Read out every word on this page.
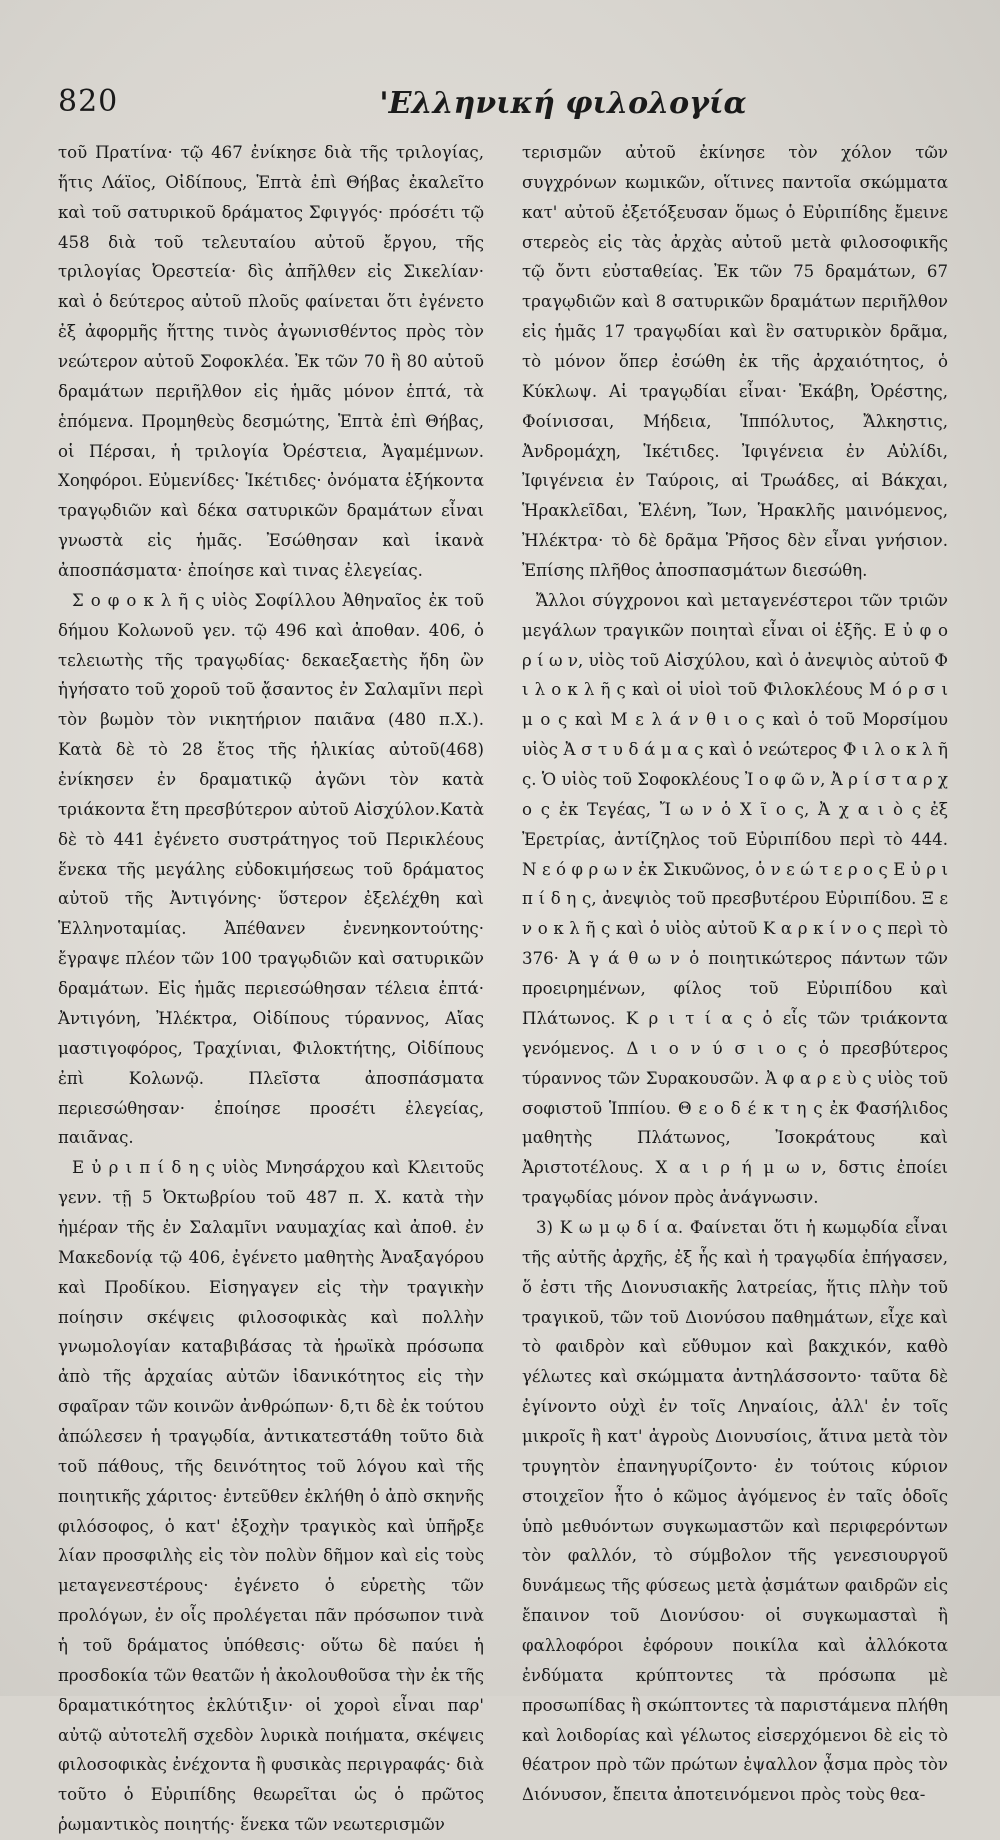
820	'Ελληνική φιλολογία

τοῦ Πρατίνα· τῷ 467 ἐνίκησε διὰ τῆς τριλογίας, ἥτις Λάϊος, Οἰδίπους, Ἑπτὰ ἐπὶ Θήβας ἐκαλεῖτο καὶ τοῦ σατυρικοῦ δράματος Σφιγγός· πρόσέτι τῷ 458 διὰ τοῦ τελευταίου αὐτοῦ ἔργου, τῆς τριλογίας Ὀρεστεία· δὶς ἀπῆλθεν εἰς Σικελίαν· καὶ ὁ δεύτερος αὐτοῦ πλοῦς φαίνεται ὅτι ἐγένετο ἐξ ἀφορμῆς ἥττης τινὸς ἀγωνισθέντος πρὸς τὸν νεώτερον αὐτοῦ Σοφοκλέα. Ἐκ τῶν 70 ἢ 80 αὐτοῦ δραμάτων περιῆλθον εἰς ἡμᾶς μόνον ἑπτά, τὰ ἑπόμενα. Προμηθεὺς δεσμώτης, Ἑπτὰ ἐπὶ Θήβας, οἱ Πέρσαι, ἡ τριλογία Ὀρέστεια, Ἀγαμέμνων. Χοηφόροι. Εὐμενίδες· Ἱκέτιδες· ὀνόματα ἑξήκοντα τραγῳδιῶν καὶ δέκα σατυρικῶν δραμάτων εἶναι γνωστὰ εἰς ἡμᾶς. Ἐσώθησαν καὶ ἱκανὰ ἀποσπάσματα· ἐποίησε καὶ τινας ἐλεγείας.

Σ ο φ ο κ λ ῆ ς υἱὸς Σοφίλλου Ἀθηναῖος ἐκ τοῦ δήμου Κολωνοῦ γεν. τῷ 496 καὶ ἀποθαν. 406, ὁ τελειωτὴς τῆς τραγῳδίας· δεκαεξαετὴς ἤδη ὢν ἡγήσατο τοῦ χοροῦ τοῦ ᾄσαντος ἐν Σαλαμῖνι περὶ τὸν βωμὸν τὸν νικητήριον παιᾶνα (480 π.Χ.). Κατὰ δὲ τὸ 28 ἔτος τῆς ἡλικίας αὐτοῦ(468) ἐνίκησεν ἐν δραματικῷ ἀγῶνι τὸν κατὰ τριάκοντα ἔτη πρεσβύτερον αὐτοῦ Αἰσχύλον.Κατὰ δὲ τὸ 441 ἐγένετο συστράτηγος τοῦ Περικλέους ἕνεκα τῆς μεγάλης εὐδοκιμήσεως τοῦ δράματος αὐτοῦ τῆς Ἀντιγόνης· ὕστερον ἐξελέχθη καὶ Ἑλληνοταμίας. Ἀπέθανεν ἐνενηκοντούτης· ἔγραψε πλέον τῶν 100 τραγῳδιῶν καὶ σατυρικῶν δραμάτων. Εἰς ἡμᾶς περιεσώθησαν τέλεια ἑπτά· Ἀντιγόνη, Ἠλέκτρα, Οἰδίπους τύραννος, Αἴας μαστιγοφόρος, Τραχίνιαι, Φιλοκτήτης, Οἰδίπους ἐπὶ Κολωνῷ. Πλεῖστα ἀποσπάσματα περιεσώθησαν· ἐποίησε προσέτι ἐλεγείας, παιᾶνας.

Ε ὐ ρ ι π ί δ η ς υἱὸς Μνησάρχου καὶ Κλειτοῦς γενν. τῇ 5 Ὀκτωβρίου τοῦ 487 π. Χ. κατὰ τὴν ἡμέραν τῆς ἐν Σαλαμῖνι ναυμαχίας καὶ ἀποθ. ἐν Μακεδονίᾳ τῷ 406, ἐγένετο μαθητὴς Ἀναξαγόρου καὶ Προδίκου. Εἰσηγαγεν εἰς τὴν τραγικὴν ποίησιν σκέψεις φιλοσοφικὰς καὶ πολλὴν γνωμολογίαν καταβιβάσας τὰ ἡρωϊκὰ πρόσωπα ἀπὸ τῆς ἀρχαίας αὐτῶν ἰδανικότητος εἰς τὴν σφαῖραν τῶν κοινῶν ἀνθρώπων· δ,τι δὲ ἐκ τούτου ἀπώλεσεν ἡ τραγῳδία, ἀντικατεστάθη τοῦτο διὰ τοῦ πάθους, τῆς δεινότητος τοῦ λόγου καὶ τῆς ποιητικῆς χάριτος· ἐντεῦθεν ἐκλήθη ὁ ἀπὸ σκηνῆς φιλόσοφος, ὁ κατ' ἐξοχὴν τραγικὸς καὶ ὑπῆρξε λίαν προσφιλὴς εἰς τὸν πολὺν δῆμον καὶ εἰς τοὺς μεταγενεστέρους· ἐγένετο ὁ εὑρετὴς τῶν προλόγων, ἐν οἷς προλέγεται πᾶν πρόσωπον τινὰ ἡ τοῦ δράματος ὑπόθεσις· οὕτω δὲ παύει ἡ προσδοκία τῶν θεατῶν ἡ ἀκολουθοῦσα τὴν ἐκ τῆς δραματικότητος ἐκλύτιξιν· οἱ χοροὶ εἶναι παρ' αὐτῷ αὐτοτελῆ σχεδὸν λυρικὰ ποιήματα, σκέψεις φιλοσοφικὰς ἐνέχοντα ἢ φυσικὰς περιγραφάς· διὰ τοῦτο ὁ Εὐριπίδης θεωρεῖται ὡς ὁ πρῶτος ῥωμαντικὸς ποιητής· ἕνεκα τῶν νεωτερισμῶν

τερισμῶν αὐτοῦ ἐκίνησε τὸν χόλον τῶν συγχρόνων κωμικῶν, οἵτινες παντοῖα σκώμματα κατ' αὐτοῦ ἐξετόξευσαν ὅμως ὁ Εὐριπίδης ἔμεινε στερεὸς εἰς τὰς ἀρχὰς αὐτοῦ μετὰ φιλοσοφικῆς τῷ ὄντι εὐσταθείας. Ἐκ τῶν 75 δραμάτων, 67 τραγῳδιῶν καὶ 8 σατυρικῶν δραμάτων περιῆλθον εἰς ἡμᾶς 17 τραγῳδίαι καὶ ἓν σατυρικὸν δρᾶμα, τὸ μόνον ὅπερ ἐσώθη ἐκ τῆς ἀρχαιότητος, ὁ Κύκλωψ. Αἱ τραγῳδίαι εἶναι· Ἑκάβη, Ὀρέστης, Φοίνισσαι, Μήδεια, Ἱππόλυτος, Ἄλκηστις, Ἀνδρομάχη, Ἱκέτιδες. Ἰφιγένεια ἐν Αὐλίδι, Ἰφιγένεια ἐν Ταύροις, αἱ Τρωάδες, αἱ Βάκχαι, Ἡρακλεῖδαι, Ἑλένη, Ἴων, Ἡρακλῆς μαινόμενος, Ἠλέκτρα· τὸ δὲ δρᾶμα Ῥῆσος δὲν εἶναι γνήσιον. Ἐπίσης πλῆθος ἀποσπασμάτων διεσώθη.

Ἄλλοι σύγχρονοι καὶ μεταγενέστεροι τῶν τριῶν μεγάλων τραγικῶν ποιηταὶ εἶναι οἱ ἑξῆς. Ε ὐ φ ο ρ ί ω ν, υἱὸς τοῦ Αἰσχύλου, καὶ ὁ ἀνεψιὸς αὐτοῦ Φ ι λ ο κ λ ῆ ς καὶ οἱ υἱοὶ τοῦ Φιλοκλέους Μ ό ρ σ ι μ ο ς καὶ Μ ε λ ά ν θ ι ο ς καὶ ὁ τοῦ Μορσίμου υἱὸς Ἀ σ τ υ δ ά μ α ς καὶ ὁ νεώτερος Φ ι λ ο κ λ ῆ ς. Ὁ υἱὸς τοῦ Σοφοκλέους Ἰ ο φ ῶ ν, Ἀ ρ ί σ τ α ρ χ ο ς ἐκ Τεγέας, Ἴ ω ν ὁ Χ ῖ ο ς, Ἀ χ α ι ὸ ς ἐξ Ἐρετρίας, ἀντίζηλος τοῦ Εὐριπίδου περὶ τὸ 444. Ν ε ό φ ρ ω ν ἐκ Σικυῶνος, ὁ ν ε ώ τ ε ρ ο ς Ε ὐ ρ ι π ί δ η ς, ἀνεψιὸς τοῦ πρεσβυτέρου Εὐριπίδου. Ξ ε ν ο κ λ ῆ ς καὶ ὁ υἱὸς αὐτοῦ Κ α ρ κ ί ν ο ς περὶ τὸ 376· Ἀ γ ά θ ω ν ὁ ποιητικώτερος πάντων τῶν προειρημένων, φίλος τοῦ Εὐριπίδου καὶ Πλάτωνος. Κ ρ ι τ ί α ς ὁ εἷς τῶν τριάκοντα γενόμενος. Δ ι ο ν ύ σ ι ο ς ὁ πρεσβύτερος τύραννος τῶν Συρακουσῶν. Ἀ φ α ρ ε ὺ ς υἱὸς τοῦ σοφιστοῦ Ἱππίου. Θ ε ο δ έ κ τ η ς ἐκ Φασήλιδος μαθητὴς Πλάτωνος, Ἰσοκράτους καὶ Ἀριστοτέλους. Χ α ι ρ ή μ ω ν, δστις ἐποίει τραγῳδίας μόνον πρὸς ἀνάγνωσιν.

3) Κ ω μ ῳ δ ί α. Φαίνεται ὅτι ἡ κωμῳδία εἶναι τῆς αὐτῆς ἀρχῆς, ἐξ ἧς καὶ ἡ τραγῳδία ἐπήγασεν, ὅ ἐστι τῆς Διονυσιακῆς λατρείας, ἥτις πλὴν τοῦ τραγικοῦ, τῶν τοῦ Διονύσου παθημάτων, εἶχε καὶ τὸ φαιδρὸν καὶ εὔθυμον καὶ βακχικόν, καθὸ γέλωτες καὶ σκώμματα ἀντηλάσσοντο· ταῦτα δὲ ἐγίνοντο οὐχὶ ἐν τοῖς Ληναίοις, ἀλλ' ἐν τοῖς μικροῖς ἢ κατ' ἀγροὺς Διονυσίοις, ἅτινα μετὰ τὸν τρυγητὸν ἐπανηγυρίζοντο· ἐν τούτοις κύριον στοιχεῖον ἦτο ὁ κῶμος ἀγόμενος ἐν ταῖς ὁδοῖς ὑπὸ μεθυόντων συγκωμαστῶν καὶ περιφερόντων τὸν φαλλόν, τὸ σύμβολον τῆς γενεσιουργοῦ δυνάμεως τῆς φύσεως μετὰ ᾀσμάτων φαιδρῶν εἰς ἔπαινον τοῦ Διονύσου· οἱ συγκωμασταὶ ἢ φαλλοφόροι ἐφόρουν ποικίλα καὶ ἀλλόκοτα ἐνδύματα κρύπτοντες τὰ πρόσωπα μὲ προσωπίδας ἢ σκώπτοντες τὰ παριστάμενα πλήθη καὶ λοιδορίας καὶ γέλωτος εἰσερχόμενοι δὲ εἰς τὸ θέατρον πρὸ τῶν πρώτων ἐψαλλον ᾆσμα πρὸς τὸν Διόνυσον, ἔπειτα ἀποτεινόμενοι πρὸς τοὺς θεα-
